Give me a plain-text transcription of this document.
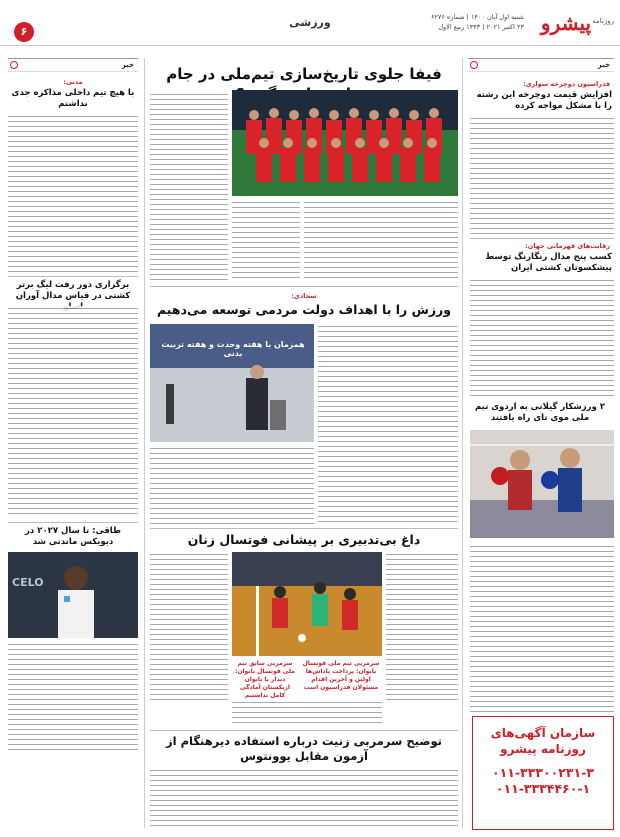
۶
ورزشی	پیشرو روزنامه
شنبه اول آبان ۱۴۰۰ | شماره ۶۲۷۶
۲۳ اکتبر ۲۰۲۱ | ۱۴۴۳ ربیع الاول
خبر
فدراسیون دوچرخه سواری:
افزایش قیمت دوچرخه این رشته را با مشکل مواجه کرده
رقابت‌های قهرمانی جهان:
کسب پنج مدال رنگارنگ توسط پیشکسوتان کشتی ایران
۲ ورزشکار گیلانی به اردوی تیم ملی موی تای راه یافتند
سازمان آگهی‌های روزنامه پیشرو
۰۱۱-۳۳۳۰۰۲۳۱-۳
۰۱۱-۳۳۳۴۴۶۰-۱
فیفا جلوی تاریخ‌سازی تیم‌ملی در جام
سجادی:
ورزش را با اهداف دولت مردمی توسعه می‌دهیم
همزمان با هفته وحدت و هفته تربیت بدنی
داغ بی‌تدبیری بر پیشانی فوتسال زنان
سرمربی تیم ملی فوتسال بانوان: پرداخت پاداش‌ها اولین و آخرین اقدام مسئولان فدراسیون است
سرمربی سابق تیم ملی فوتسال بانوان: دیدار با بانوان ازبکستان آمادگی کامل نداشتیم
توضیح سرمربی زنیت درباره استفاده دیرهنگام از آزمون مقابل یوونتوس
خبر
مدنی:
با هیچ تیم داخلی مذاکره جدی نداشتم
برگزاری دور رفت لیگ برتر کشتی در قیاس مدال آوران
طاقی: تا سال ۲۰۲۷ در دیویکس ماندنی شد
CELO
